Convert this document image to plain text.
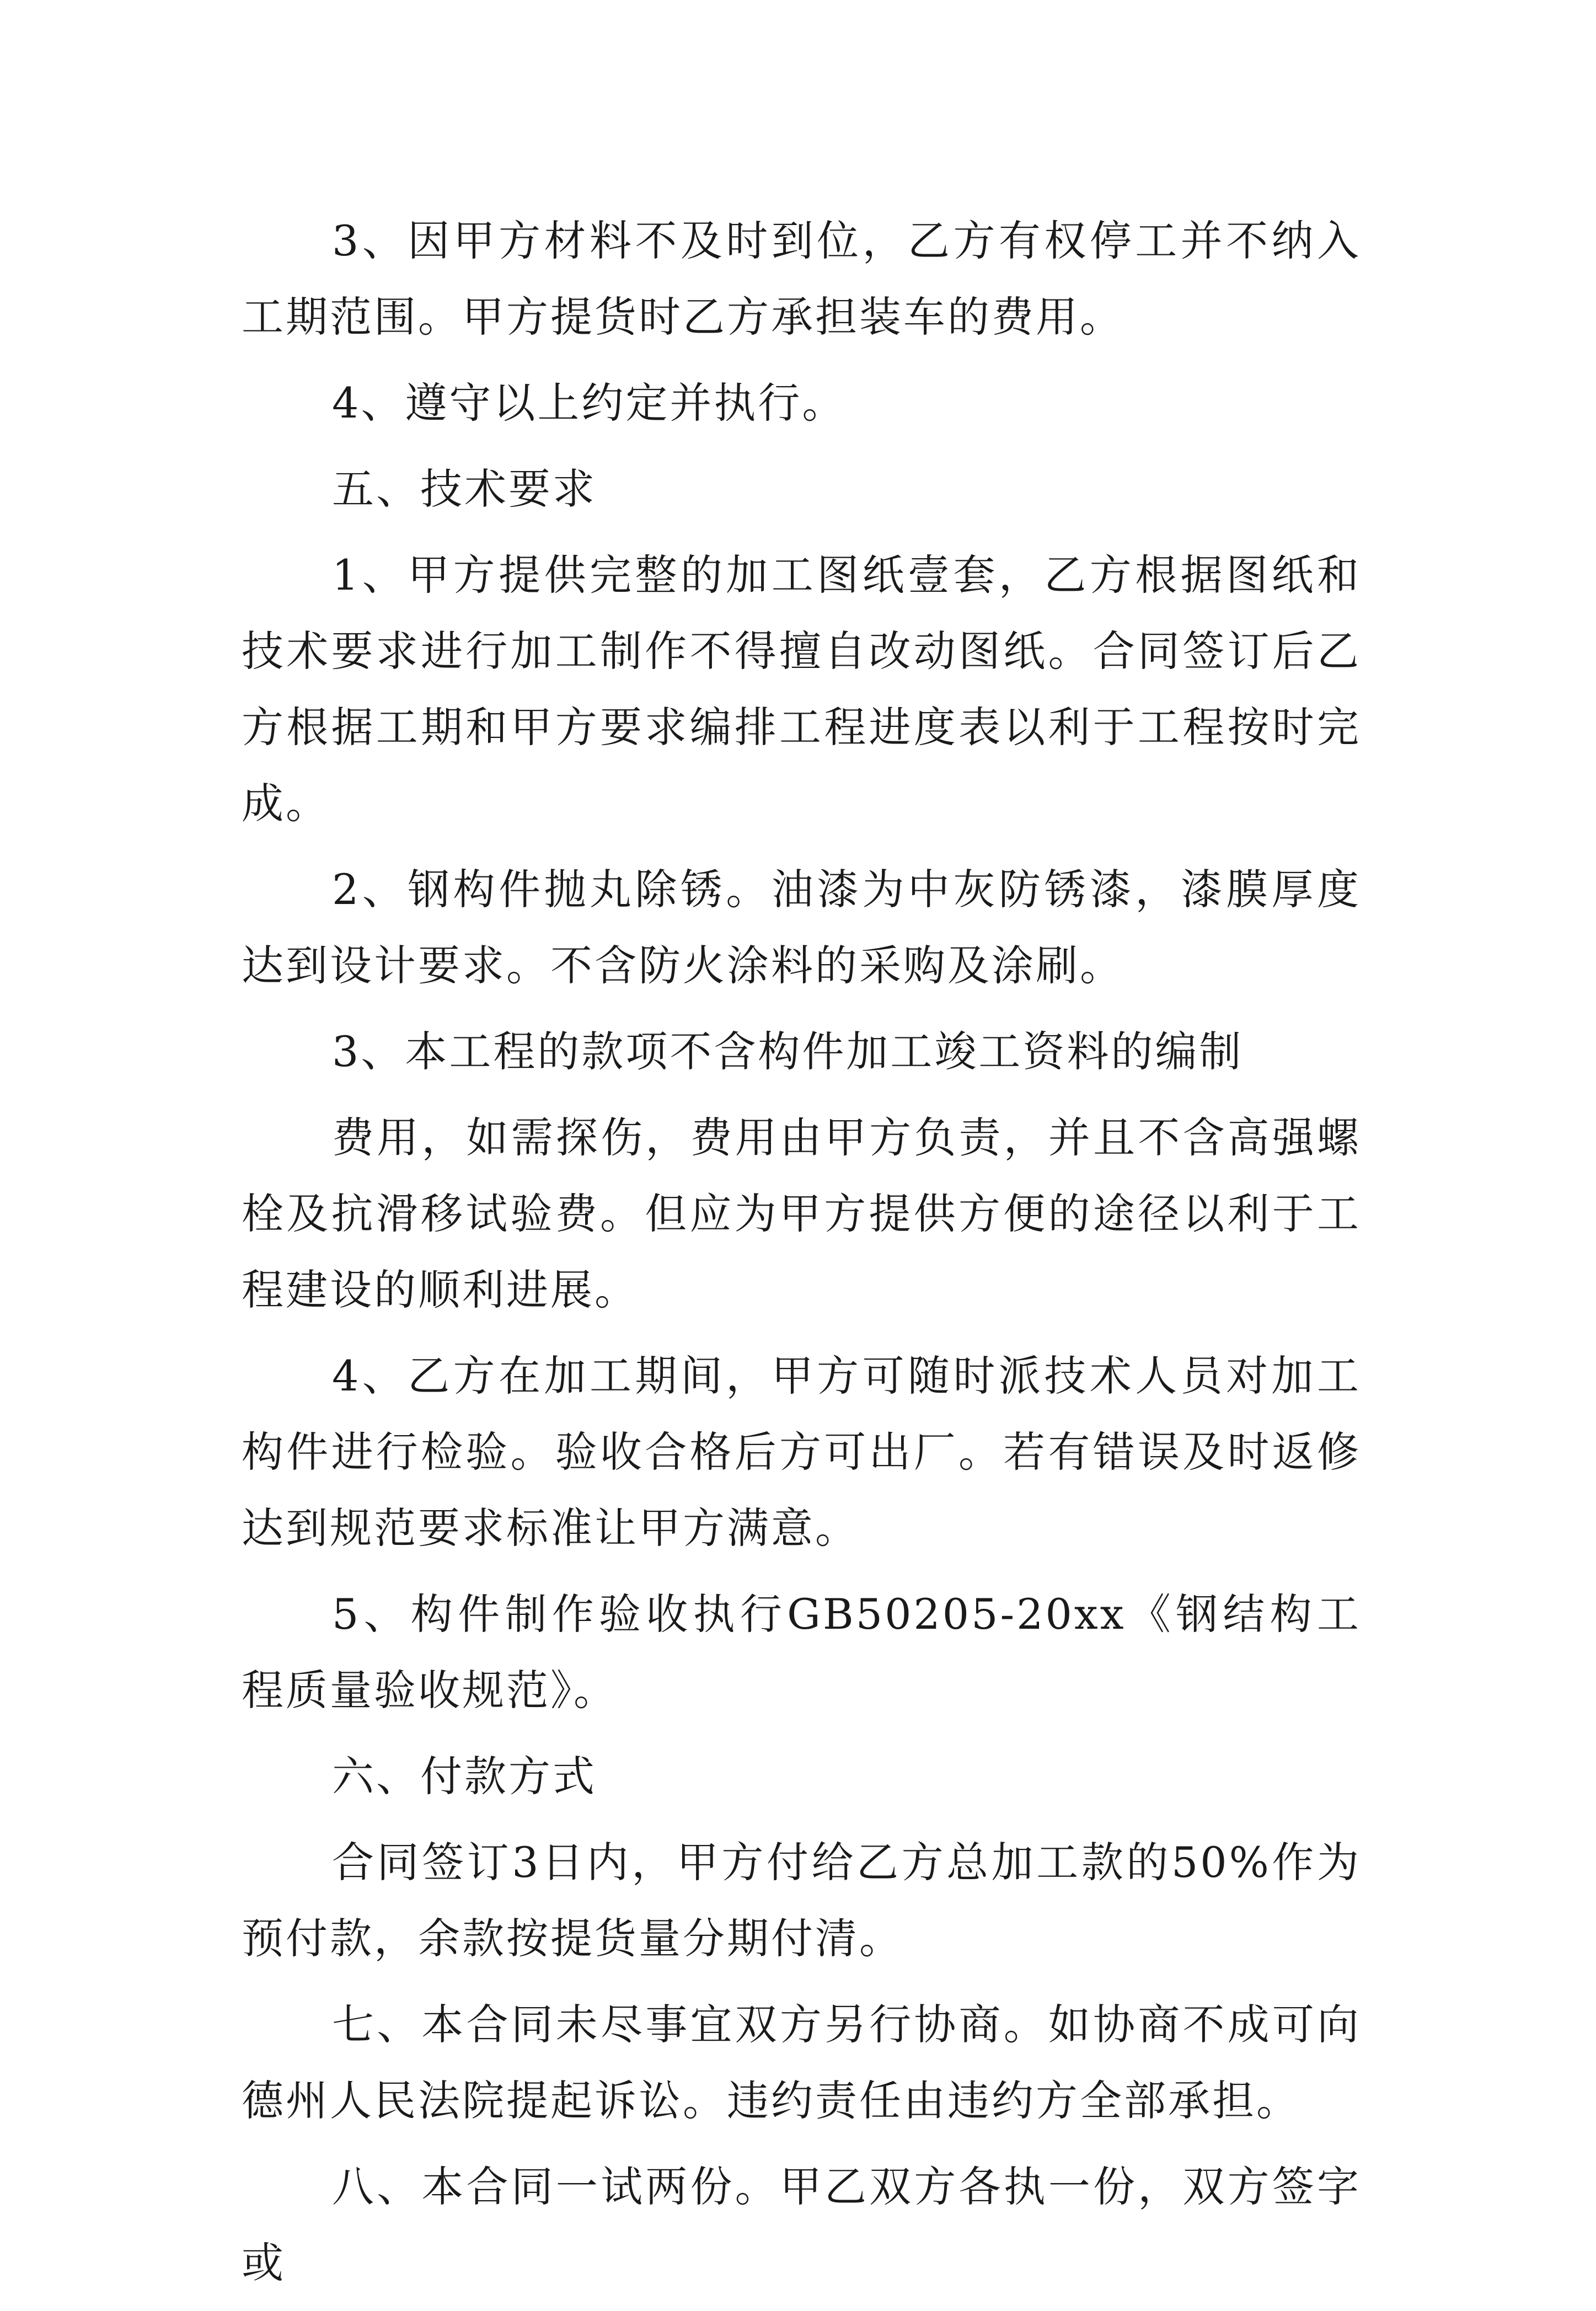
3、因甲方材料不及时到位，乙方有权停工并不纳入工期范围。甲方提货时乙方承担装车的费用。

4、遵守以上约定并执行。

五、技术要求

1、甲方提供完整的加工图纸壹套，乙方根据图纸和技术要求进行加工制作不得擅自改动图纸。合同签订后乙方根据工期和甲方要求编排工程进度表以利于工程按时完成。

2、钢构件抛丸除锈。油漆为中灰防锈漆，漆膜厚度达到设计要求。不含防火涂料的采购及涂刷。

3、本工程的款项不含构件加工竣工资料的编制

费用，如需探伤，费用由甲方负责，并且不含高强螺栓及抗滑移试验费。但应为甲方提供方便的途径以利于工程建设的顺利进展。

4、乙方在加工期间，甲方可随时派技术人员对加工构件进行检验。验收合格后方可出厂。若有错误及时返修达到规范要求标准让甲方满意。

5、构件制作验收执行GB50205-20xx《钢结构工程质量验收规范》。

六、付款方式

合同签订3日内，甲方付给乙方总加工款的50%作为预付款，余款按提货量分期付清。

七、本合同未尽事宜双方另行协商。如协商不成可向德州人民法院提起诉讼。违约责任由违约方全部承担。

八、本合同一试两份。甲乙双方各执一份，双方签字或
